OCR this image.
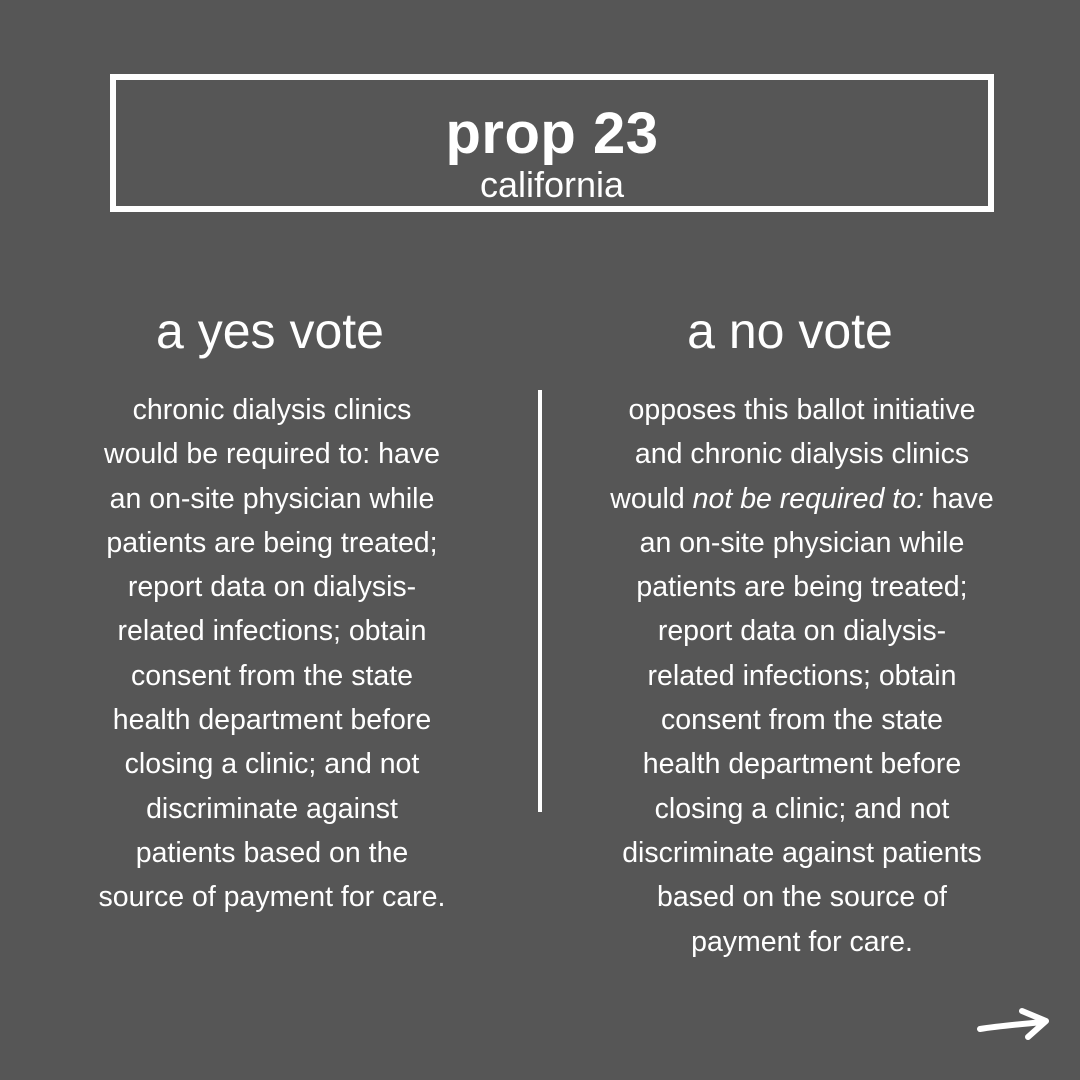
prop 23
california
a yes vote	a no vote
chronic dialysis clinics
would be required to: have
an on-site physician while
patients are being treated;
report data on dialysis-
related infections; obtain
consent from the state
health department before
closing a clinic; and not
discriminate against
patients based on the
source of payment for care.
opposes this ballot initiative
and chronic dialysis clinics
would not be required to: have
an on-site physician while
patients are being treated;
report data on dialysis-
related infections; obtain
consent from the state
health department before
closing a clinic; and not
discriminate against patients
based on the source of
payment for care.
